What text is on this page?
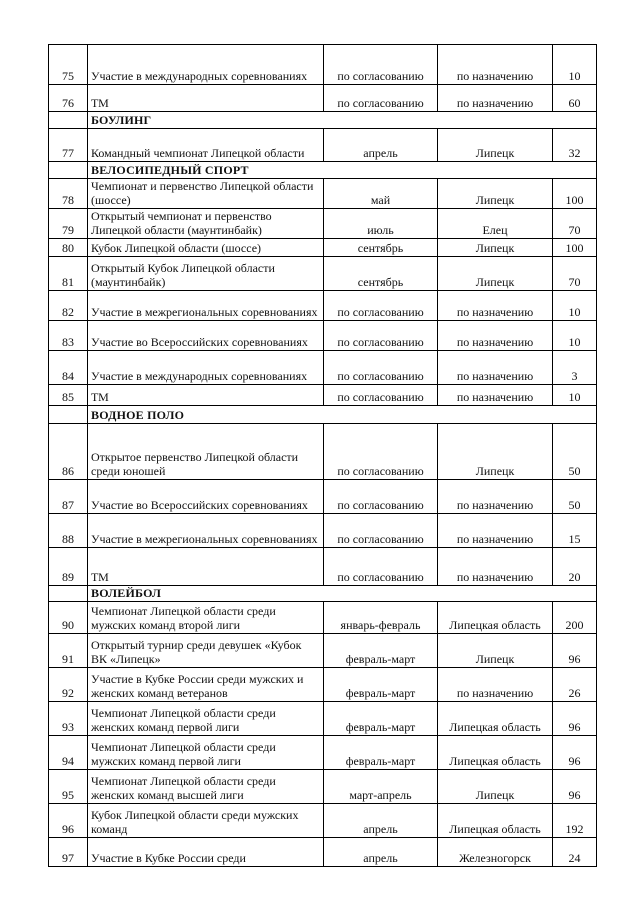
75	Участие в международных соревнованиях	по согласованию	по назначению	10
76	ТМ	по согласованию	по назначению	60
	БОУЛИНГ			
77	Командный чемпионат Липецкой области	апрель	Липецк	32
	ВЕЛОСИПЕДНЫЙ СПОРТ			
78	Чемпионат и первенство Липецкой области (шоссе)	май	Липецк	100
79	Открытый чемпионат и первенство Липецкой области (маунтинбайк)	июль	Елец	70
80	Кубок Липецкой области (шоссе)	сентябрь	Липецк	100
81	Открытый Кубок Липецкой области (маунтинбайк)	сентябрь	Липецк	70
82	Участие в межрегиональных соревнованиях	по согласованию	по назначению	10
83	Участие во Всероссийских соревнованиях	по согласованию	по назначению	10
84	Участие в международных соревнованиях	по согласованию	по назначению	3
85	ТМ	по согласованию	по назначению	10
	ВОДНОЕ ПОЛО			
86	Открытое первенство Липецкой области среди юношей	по согласованию	Липецк	50
87	Участие во Всероссийских соревнованиях	по согласованию	по назначению	50
88	Участие в межрегиональных соревнованиях	по согласованию	по назначению	15
89	ТМ	по согласованию	по назначению	20
	ВОЛЕЙБОЛ			
90	Чемпионат Липецкой области среди мужских команд второй лиги	январь-февраль	Липецкая область	200
91	Открытый турнир среди девушек «Кубок ВК «Липецк»	февраль-март	Липецк	96
92	Участие в Кубке России среди мужских и женских команд ветеранов	февраль-март	по назначению	26
93	Чемпионат Липецкой области среди женских команд первой лиги	февраль-март	Липецкая область	96
94	Чемпионат Липецкой области среди мужских команд первой лиги	февраль-март	Липецкая область	96
95	Чемпионат Липецкой области среди женских команд высшей лиги	март-апрель	Липецк	96
96	Кубок Липецкой области среди мужских команд	апрель	Липецкая область	192
97	Участие в Кубке России среди	апрель	Железногорск	24
